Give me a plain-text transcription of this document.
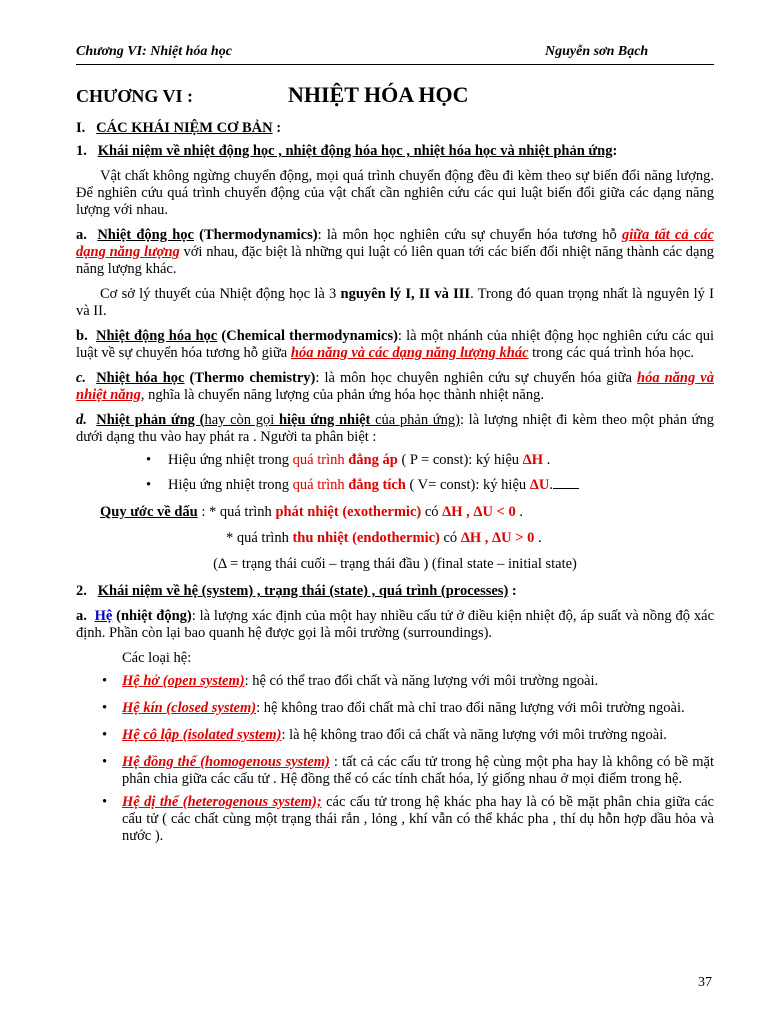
Chương VI: Nhiệt hóa học	Nguyễn sơn Bạch
CHƯƠNG VI :	NHIỆT HÓA HỌC

I. CÁC KHÁI NIỆM CƠ BẢN :

1. Khái niệm về nhiệt động học , nhiệt động hóa học , nhiệt hóa học và nhiệt phản ứng:

Vật chất không ngừng chuyển động, mọi quá trình chuyển động đều đi kèm theo sự biến đổi năng lượng. Để nghiên cứu quá trình chuyển động của vật chất cần nghiên cứu các qui luật biến đổi giữa các dạng năng lượng với nhau.

a. Nhiệt động học (Thermodynamics): là môn học nghiên cứu sự chuyển hóa tương hỗ giữa tất cả các dạng năng lượng với nhau, đặc biệt là những qui luật có liên quan tới các biến đổi nhiệt năng thành các dạng năng lượng khác.

Cơ sở lý thuyết của Nhiệt động học là 3 nguyên lý I, II và III. Trong đó quan trọng nhất là nguyên lý I và II.

b. Nhiệt động hóa học (Chemical thermodynamics): là một nhánh của nhiệt động học nghiên cứu các qui luật về sự chuyển hóa tương hỗ giữa hóa năng và các dạng năng lượng khác trong các quá trình hóa học.

c. Nhiệt hóa học (Thermo chemistry): là môn học chuyên nghiên cứu sự chuyển hóa giữa hóa năng và nhiệt năng, nghĩa là chuyển năng lượng của phản ứng hóa học thành nhiệt năng.

d. Nhiệt phản ứng (hay còn gọi hiệu ứng nhiệt của phản ứng): là lượng nhiệt đi kèm theo một phản ứng dưới dạng thu vào hay phát ra . Người ta phân biệt :

• Hiệu ứng nhiệt trong quá trình đẳng áp ( P = const): ký hiệu ΔH .

• Hiệu ứng nhiệt trong quá trình đẳng tích ( V= const): ký hiệu ΔU.

Quy ước về dấu : * quá trình phát nhiệt (exothermic) có ΔH , ΔU < 0 .

* quá trình thu nhiệt (endothermic) có ΔH , ΔU > 0 .

(Δ = trạng thái cuối – trạng thái đầu ) (final state – initial state)

2. Khái niệm về hệ (system) , trạng thái (state) , quá trình (processes) :

a. Hệ (nhiệt động): là lượng xác định của một hay nhiều cấu tử ở điều kiện nhiệt độ, áp suất và nồng độ xác định. Phần còn lại bao quanh hệ được gọi là môi trường (surroundings).

Các loại hệ:

• Hệ hở (open system): hệ có thể trao đổi chất và năng lượng với môi trường ngoài.

• Hệ kín (closed system): hệ không trao đổi chất mà chỉ trao đổi năng lượng với môi trường ngoài.

• Hệ cô lập (isolated system): là hệ không trao đổi cả chất và năng lượng với môi trường ngoài.

• Hệ đồng thể (homogenous system) : tất cả các cấu tử trong hệ cùng một pha hay là không có bề mặt phân chia giữa các cấu tử . Hệ đồng thể có các tính chất hóa, lý giống nhau ở mọi điểm trong hệ.

• Hệ dị thể (heterogenous system); các cấu tử trong hệ khác pha hay là có bề mặt phân chia giữa các cấu tử ( các chất cùng một trạng thái rắn , lỏng , khí vẫn có thể khác pha , thí dụ hỗn hợp dầu hỏa và nước ).

37
